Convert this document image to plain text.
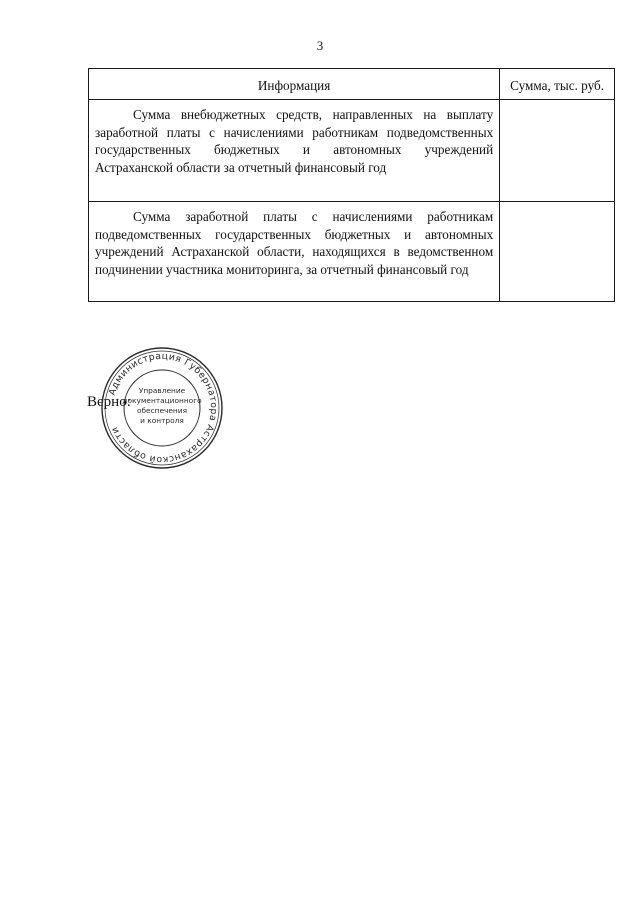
3
Информация	Сумма, тыс. руб.

Сумма внебюджетных средств, направленных на выплату заработной платы с начислениями работникам подведомственных государственных бюджетных и автономных учреждений Астраханской области за отчетный финансовый год	

Сумма заработной платы с начислениями работникам подведомственных государственных бюджетных и автономных учреждений Астраханской области, находящихся в ведомственном подчинении участника мониторинга, за отчетный финансовый год	

Верно:
Администрация Губернатора Астраханской области
Управление
документационного
обеспечения
и контроля
